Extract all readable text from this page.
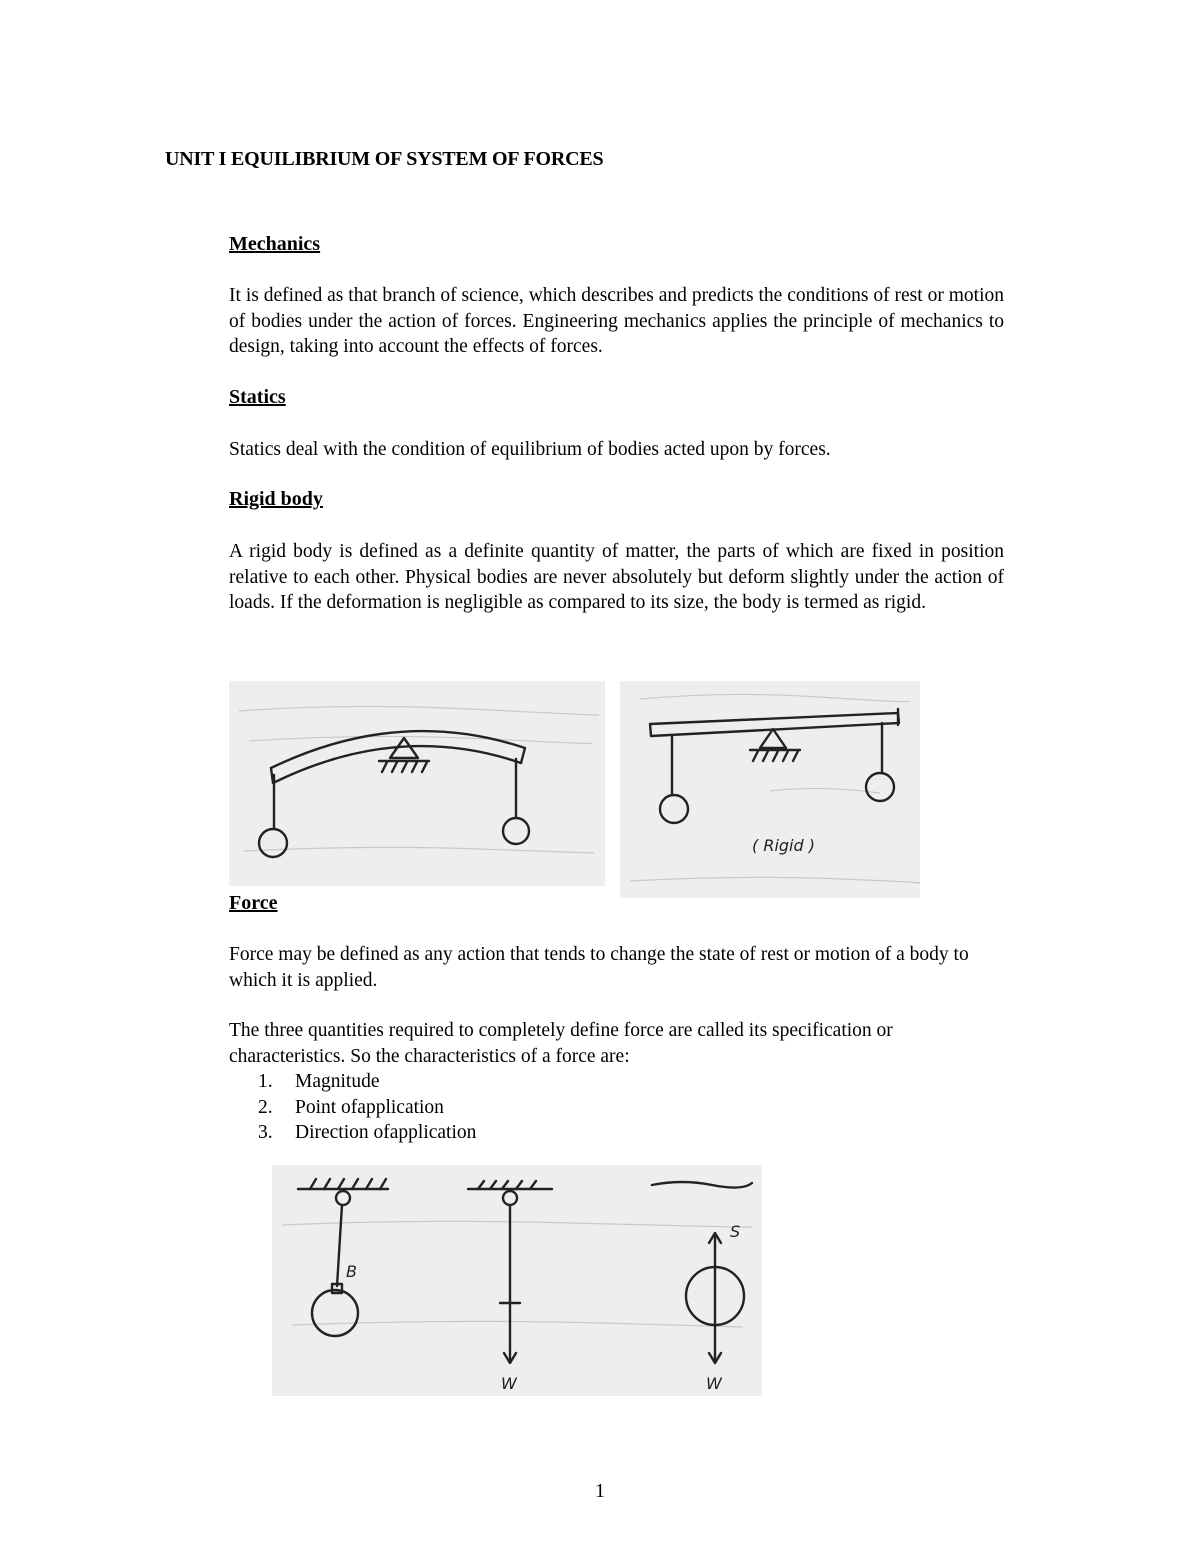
UNIT I EQUILIBRIUM OF SYSTEM OF FORCES
Mechanics
It is defined as that branch of science, which describes and predicts the conditions of rest or motion of bodies under the action of forces. Engineering mechanics applies the principle of mechanics to design, taking into account the effects of forces.
Statics
Statics deal with the condition of equilibrium of bodies acted upon by forces.
Rigid body
A rigid body is defined as a definite quantity of matter, the parts of which are fixed in position relative to each other. Physical bodies are never absolutely but deform slightly under the action of loads. If the deformation is negligible as compared to its size, the body is termed as rigid.
( Rigid )
Force
Force may be defined as any action that tends to change the state of rest or motion of a body to which it is applied.
The three quantities required to completely define force are called its specification or characteristics. So the characteristics of a force are:
1. Magnitude
2. Point ofapplication
3. Direction ofapplication
B
W
S
W
1
